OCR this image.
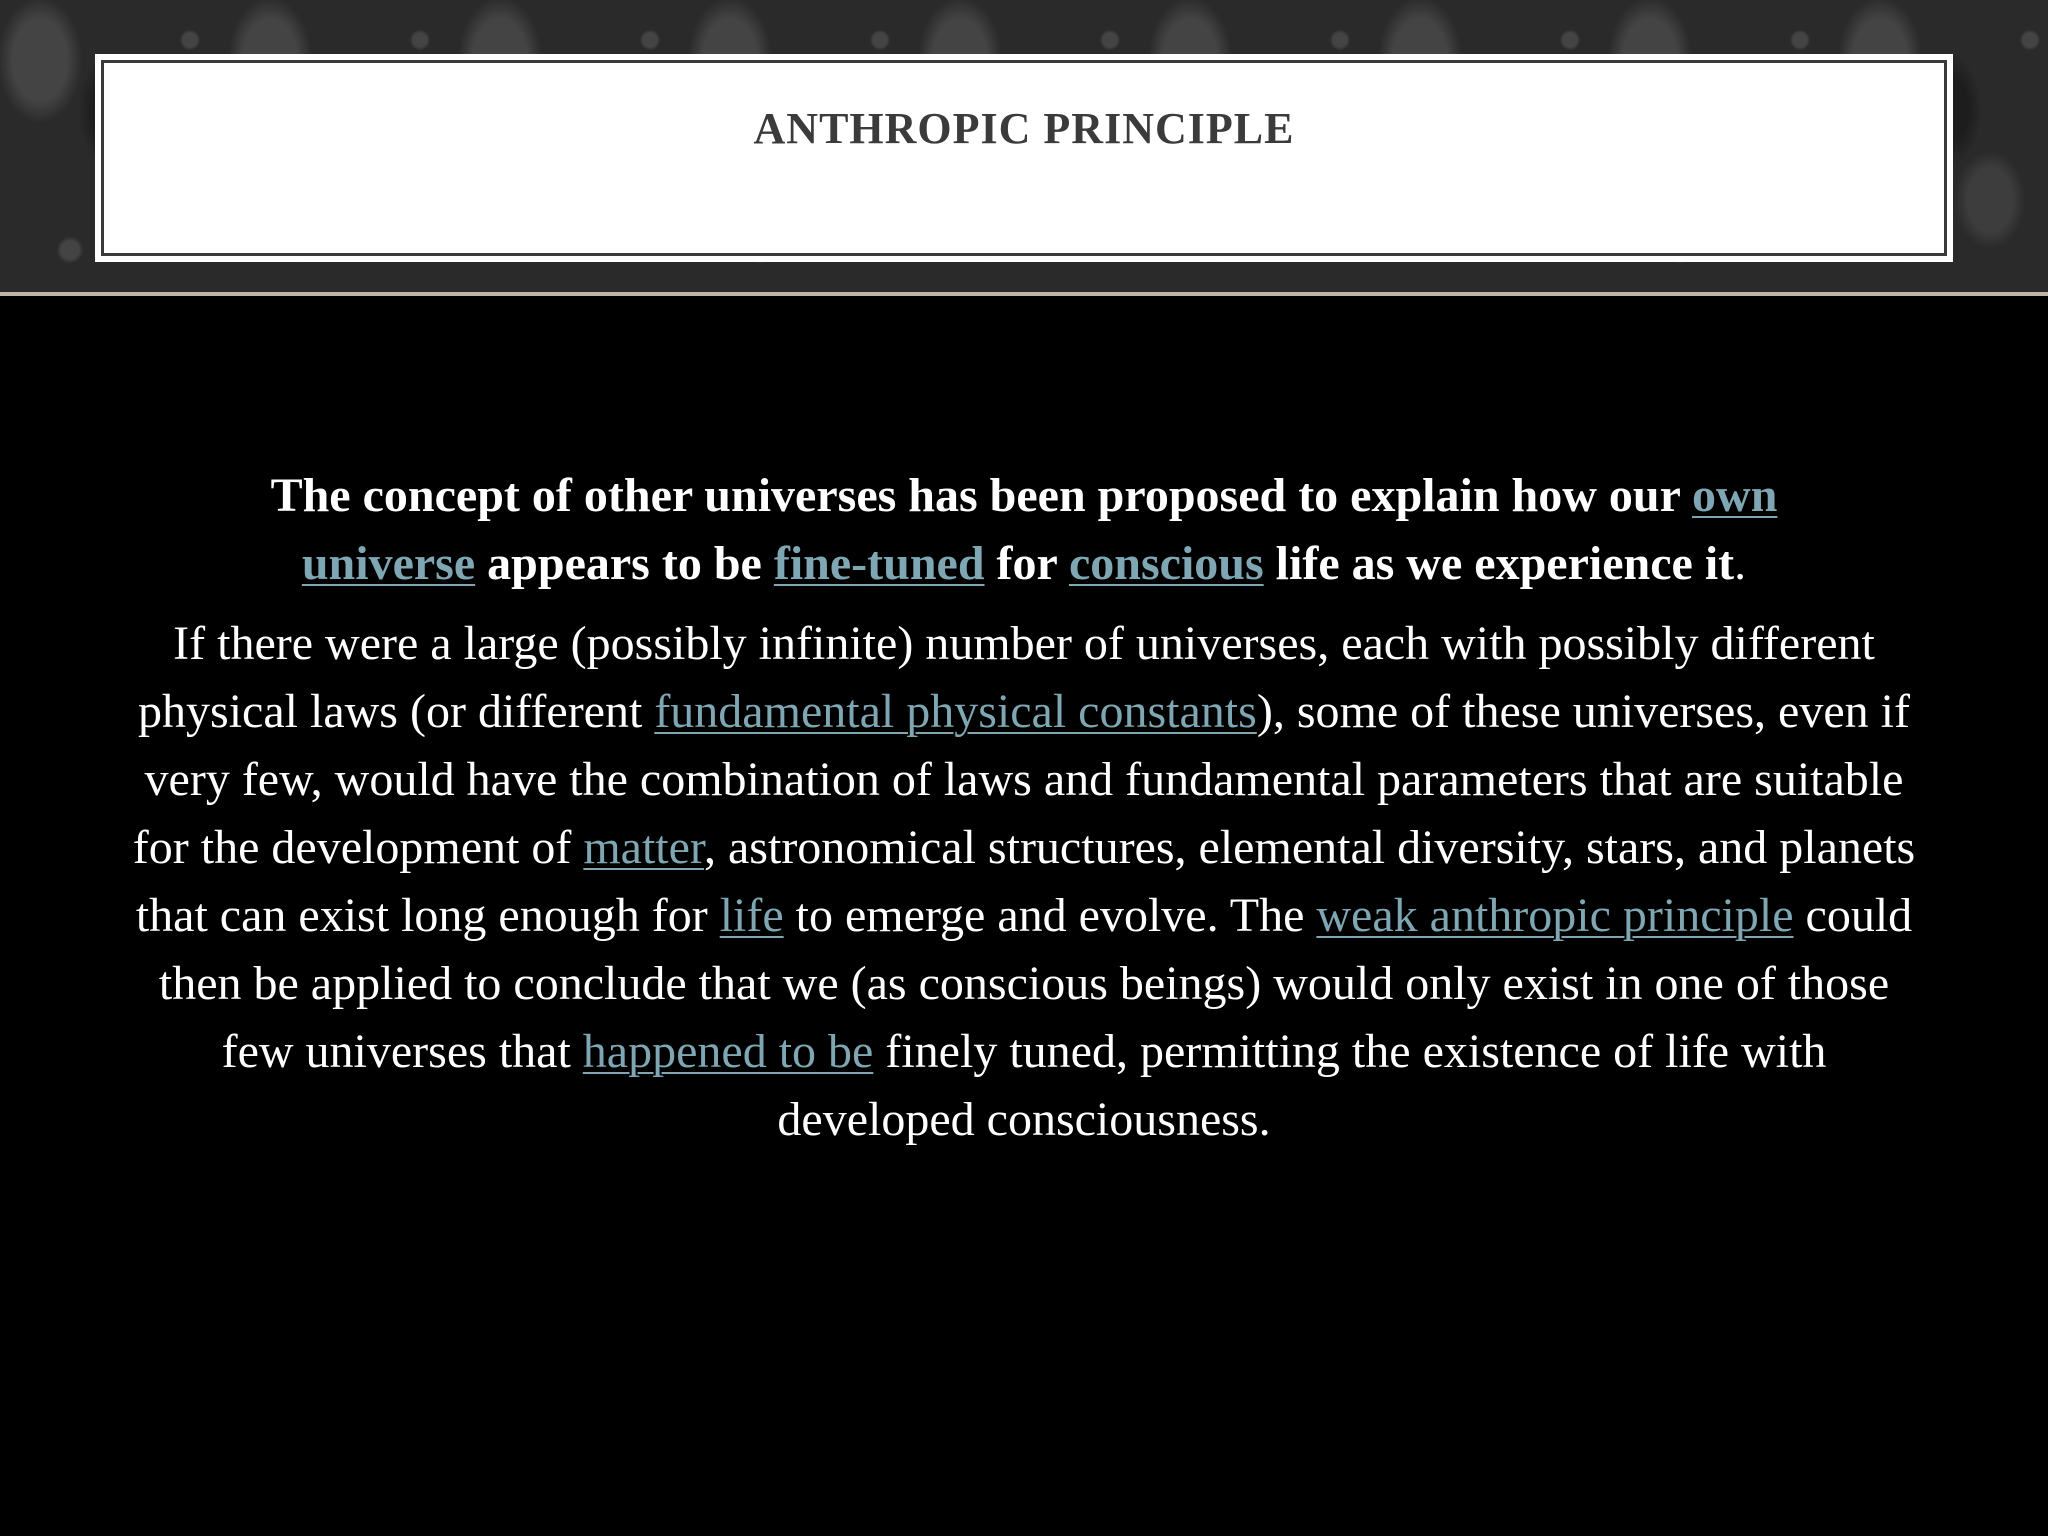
ANTHROPIC PRINCIPLE

The concept of other universes has been proposed to explain how our own universe appears to be fine-tuned for conscious life as we experience it.

If there were a large (possibly infinite) number of universes, each with possibly different physical laws (or different fundamental physical constants), some of these universes, even if very few, would have the combination of laws and fundamental parameters that are suitable for the development of matter, astronomical structures, elemental diversity, stars, and planets that can exist long enough for life to emerge and evolve. The weak anthropic principle could then be applied to conclude that we (as conscious beings) would only exist in one of those few universes that happened to be finely tuned, permitting the existence of life with developed consciousness.
